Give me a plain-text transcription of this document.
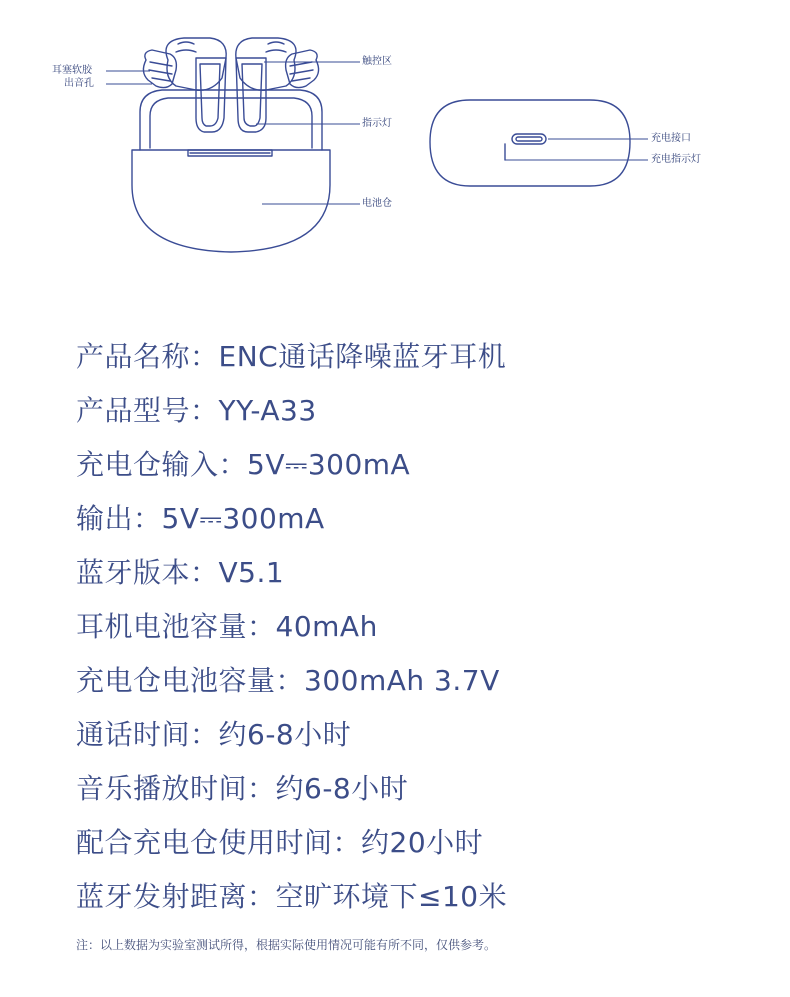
耳塞软胶
出音孔
触控区
指示灯
电池仓
充电接口
充电指示灯
产品名称：ENC通话降噪蓝牙耳机
产品型号：YY-A33
充电仓输入：5V⎓300mA
输出：5V⎓300mA
蓝牙版本：V5.1
耳机电池容量：40mAh
充电仓电池容量：300mAh 3.7V
通话时间：约6-8小时
音乐播放时间：约6-8小时
配合充电仓使用时间：约20小时
蓝牙发射距离：空旷环境下≤10米
注：以上数据为实验室测试所得，根据实际使用情况可能有所不同，仅供参考。
